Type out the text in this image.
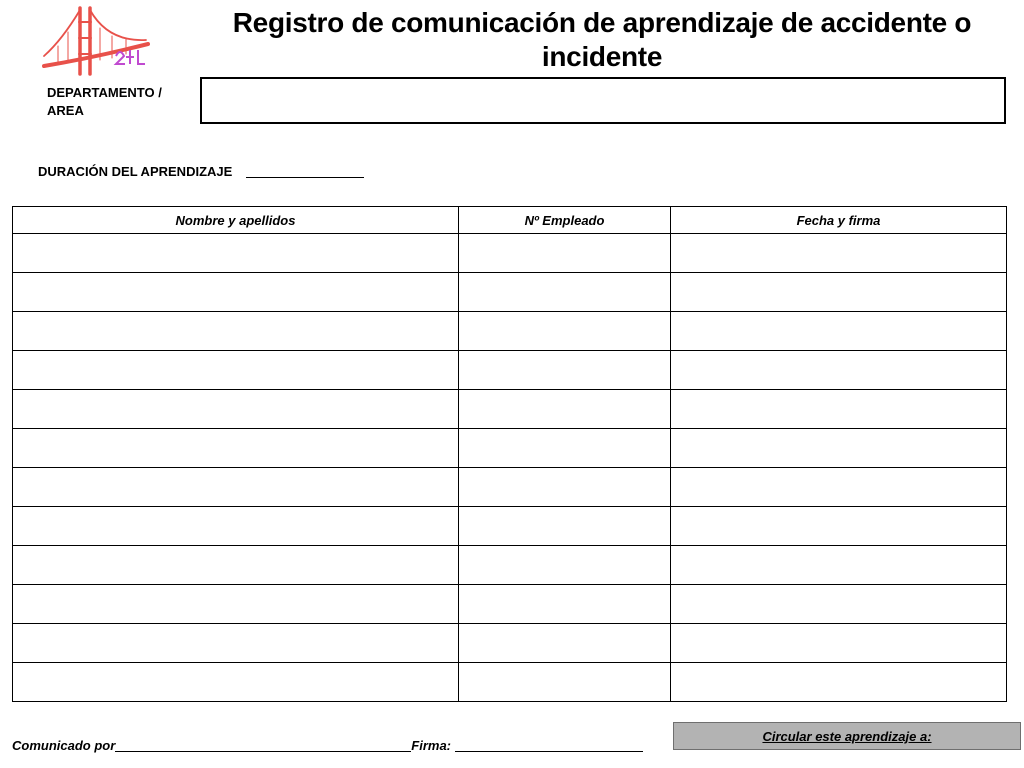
Registro de comunicación de aprendizaje de accidente o incidente
DEPARTAMENTO / AREA
DURACIÓN DEL APRENDIZAJE
Nombre y apellidos	Nº Empleado	Fecha y firma

Comunicado por	Firma:
Circular este aprendizaje a:
